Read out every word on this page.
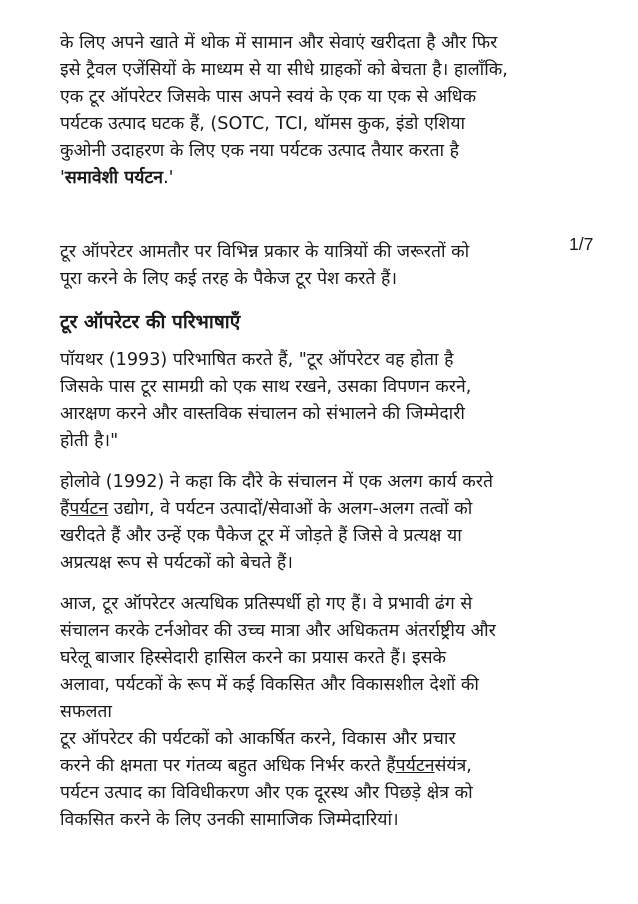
1/7
के लिए अपने खाते में थोक में सामान और सेवाएं खरीदता है और फिर
इसे ट्रैवल एजेंसियों के माध्यम से या सीधे ग्राहकों को बेचता है। हालाँकि,
एक टूर ऑपरेटर जिसके पास अपने स्वयं के एक या एक से अधिक
पर्यटक उत्पाद घटक हैं, (SOTC, TCI, थॉमस कुक, इंडो एशिया
कुओनी उदाहरण के लिए एक नया पर्यटक उत्पाद तैयार करता है
'समावेशी पर्यटन.'
टूर ऑपरेटर आमतौर पर विभिन्न प्रकार के यात्रियों की जरूरतों को
पूरा करने के लिए कई तरह के पैकेज टूर पेश करते हैं।
टूर ऑपरेटर की परिभाषाएँ
पॉयथर (1993) परिभाषित करते हैं, "टूर ऑपरेटर वह होता है
जिसके पास टूर सामग्री को एक साथ रखने, उसका विपणन करने,
आरक्षण करने और वास्तविक संचालन को संभालने की जिम्मेदारी
होती है।"
होलोवे (1992) ने कहा कि दौरे के संचालन में एक अलग कार्य करते
हैंपर्यटन उद्योग, वे पर्यटन उत्पादों/सेवाओं के अलग-अलग तत्वों को
खरीदते हैं और उन्हें एक पैकेज टूर में जोड़ते हैं जिसे वे प्रत्यक्ष या
अप्रत्यक्ष रूप से पर्यटकों को बेचते हैं।
आज, टूर ऑपरेटर अत्यधिक प्रतिस्पर्धी हो गए हैं। वे प्रभावी ढंग से
संचालन करके टर्नओवर की उच्च मात्रा और अधिकतम अंतर्राष्ट्रीय और
घरेलू बाजार हिस्सेदारी हासिल करने का प्रयास करते हैं। इसके
अलावा, पर्यटकों के रूप में कई विकसित और विकासशील देशों की
सफलता
टूर ऑपरेटर की पर्यटकों को आकर्षित करने, विकास और प्रचार
करने की क्षमता पर गंतव्य बहुत अधिक निर्भर करते हैंपर्यटनसंयंत्र,
पर्यटन उत्पाद का विविधीकरण और एक दूरस्थ और पिछड़े क्षेत्र को
विकसित करने के लिए उनकी सामाजिक जिम्मेदारियां।
